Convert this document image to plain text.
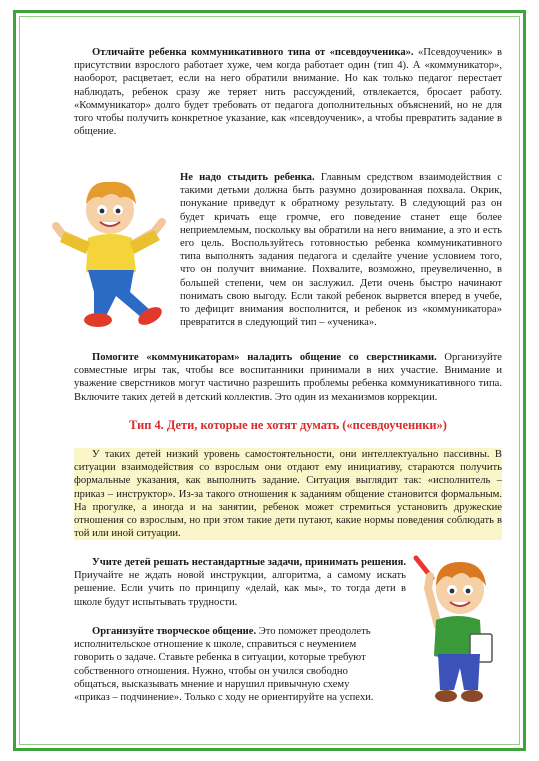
Отличайте ребенка коммуникативного типа от «псевдоученика». «Псевдоученик» в присутствии взрослого работает хуже, чем когда работает один (тип 4). А «коммуникатор», наоборот, расцветает, если на него обратили внимание. Но как только педагог перестает наблюдать, ребенок сразу же теряет нить рассуждений, отвлекается, бросает работу. «Коммуникатор» долго будет требовать от педагога дополнительных объяснений, но не для того чтобы получить конкретное указание, как «псевдоученик», а чтобы превратить задание в общение.

Не надо стыдить ребенка. Главным средством взаимодействия с такими детьми должна быть разумно дозированная похвала. Окрик, понукание приведут к обратному результату. В следующий раз он будет кричать еще громче, его поведение станет еще более неприемлемым, поскольку вы обратили на него внимание, а это и есть его цель. Воспользуйтесь готовностью ребенка коммуникативного типа выполнять задания педагога и сделайте учение условием того, что он получит внимание. Похвалите, возможно, преувеличенно, в большей степени, чем он заслужил. Дети очень быстро начинают понимать свою выгоду. Если такой ребенок вырвется вперед в учебе, то дефицит внимания восполнится, и ребенок из «коммуникатора» превратится в следующий тип – «ученика».

Помогите «коммуникаторам» наладить общение со сверстниками. Организуйте совместные игры так, чтобы все воспитанники принимали в них участие. Внимание и уважение сверстников могут частично разрешить проблемы ребенка коммуникативного типа. Включите таких детей в детский коллектив. Это один из механизмов коррекции.

Тип 4. Дети, которые не хотят думать («псевдоученики»)

У таких детей низкий уровень самостоятельности, они интеллектуально пассивны. В ситуации взаимодействия со взрослым они отдают ему инициативу, стараются получить формальные указания, как выполнить задание. Ситуация выглядит так: «исполнитель – приказ – инструктор». Из-за такого отношения к заданиям общение становится формальным. На прогулке, а иногда и на занятии, ребенок может стремиться установить дружеские отношения со взрослым, но при этом такие дети путают, какие нормы поведения соблюдать в той или иной ситуации.

Учите детей решать нестандартные задачи, принимать решения. Приучайте не ждать новой инструкции, алгоритма, а самому искать решение. Если учить по принципу «делай, как мы», то тогда дети в школе будут испытывать трудности.

Организуйте творческое общение. Это поможет преодолеть исполнительское отношение к школе, справиться с неумением говорить о задаче. Ставьте ребенка в ситуации, которые требуют собственного отношения. Нужно, чтобы он учился свободно общаться, высказывать мнение и нарушил привычную схему «приказ – подчинение». Только с ходу не ориентируйте на успехи.
